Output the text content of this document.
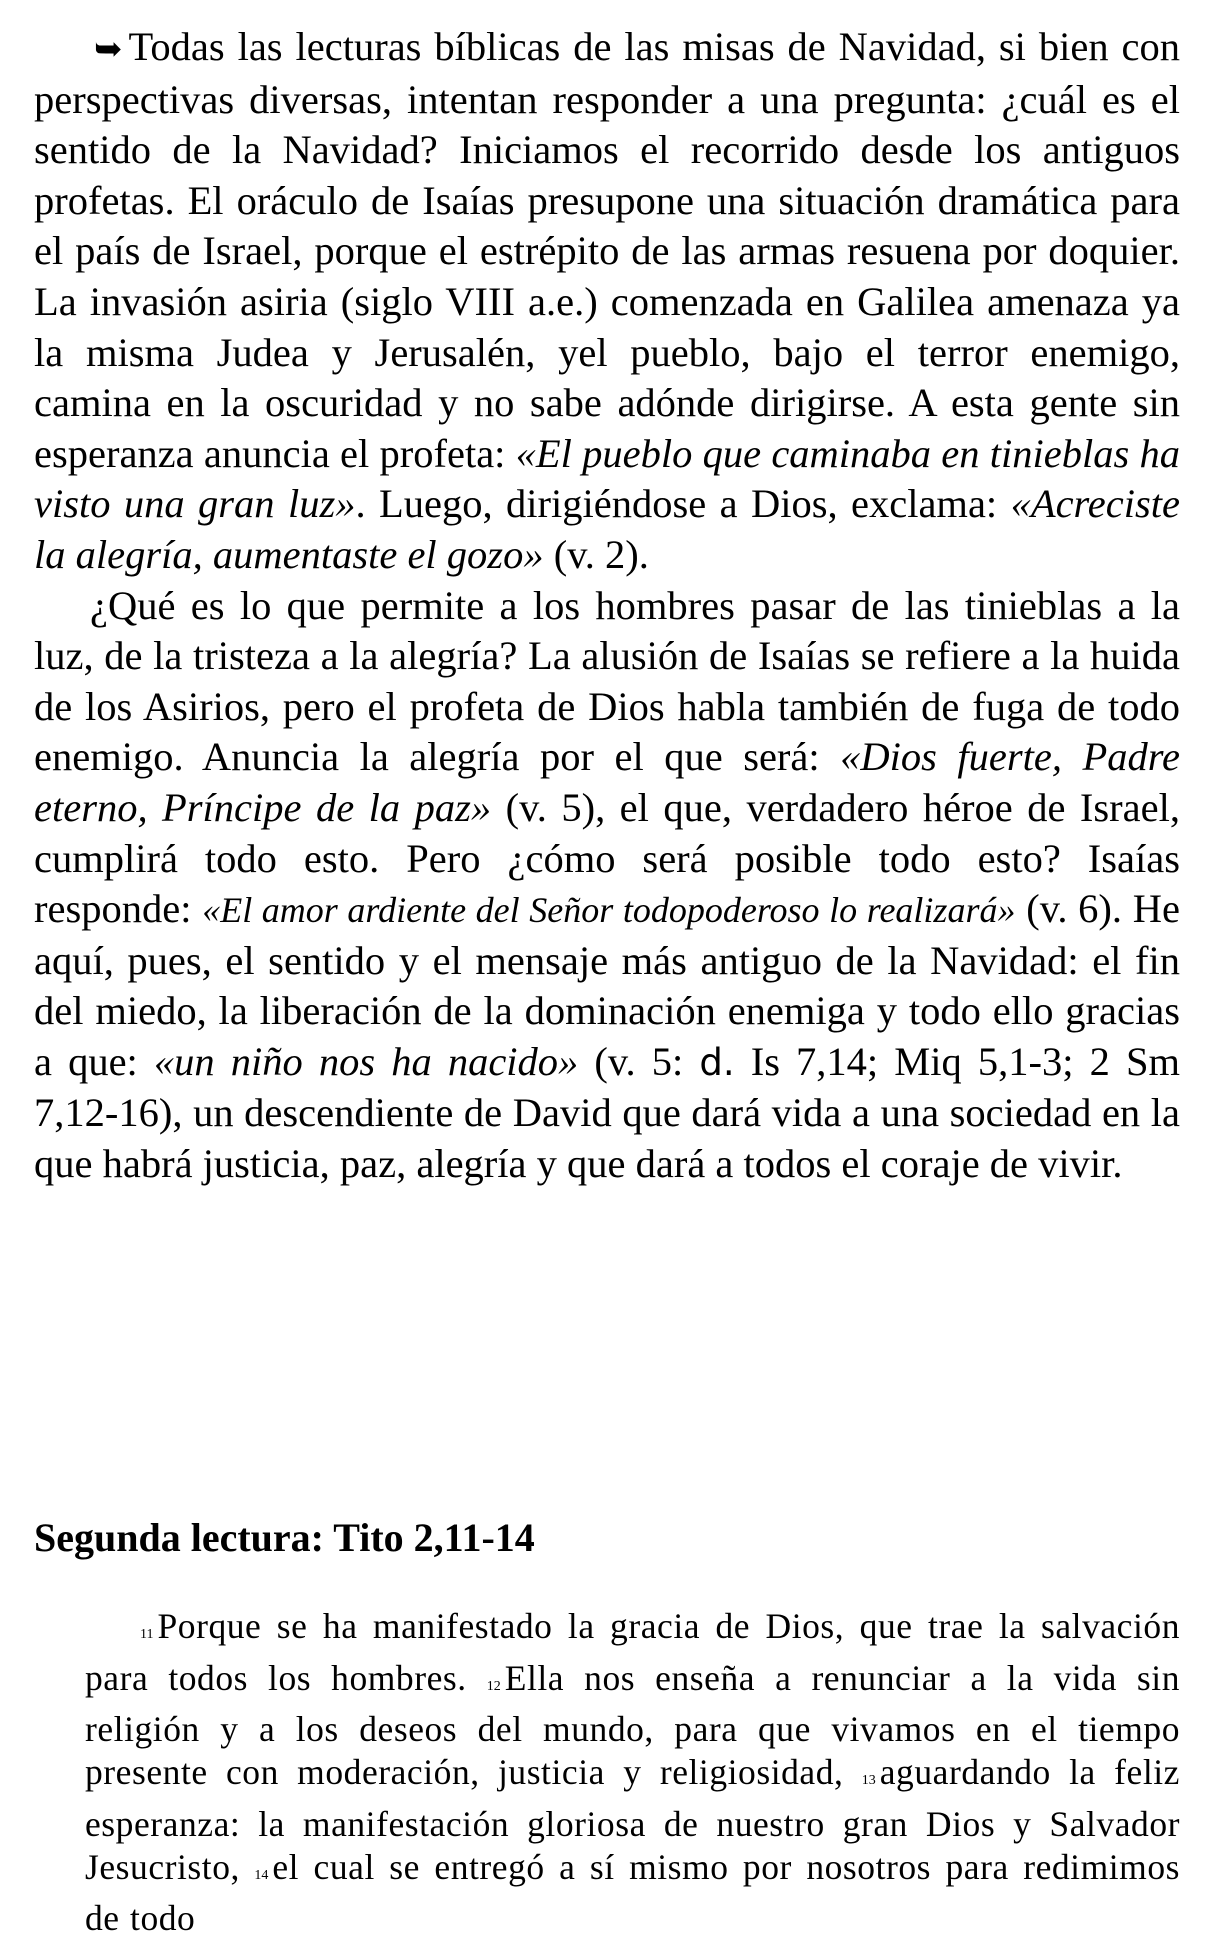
➥ Todas las lecturas bíblicas de las misas de Navidad, si bien con perspectivas diversas, intentan responder a una pregunta: ¿cuál es el sentido de la Navidad? Iniciamos el recorrido desde los antiguos profetas. El oráculo de Isaías presupone una situación dramática para el país de Israel, porque el estrépito de las armas resuena por doquier. La invasión asiria (siglo VIII a.e.) comenzada en Galilea amenaza ya la misma Judea y Jerusalén, yel pueblo, bajo el terror enemigo, camina en la oscuridad y no sabe adónde dirigirse. A esta gente sin esperanza anuncia el profeta: «El pueblo que caminaba en tinieblas ha visto una gran luz». Luego, dirigiéndose a Dios, exclama: «Acreciste la alegría, aumentaste el gozo» (v. 2).

¿Qué es lo que permite a los hombres pasar de las tinieblas a la luz, de la tristeza a la alegría? La alusión de Isaías se refiere a la huida de los Asirios, pero el profeta de Dios habla también de fuga de todo enemigo. Anuncia la alegría por el que será: «Dios fuerte, Padre eterno, Príncipe de la paz» (v. 5), el que, verdadero héroe de Israel, cumplirá todo esto. Pero ¿cómo será posible todo esto? Isaías responde: «El amor ardiente del Señor todopoderoso lo realizará» (v. 6). He aquí, pues, el sentido y el mensaje más antiguo de la Navidad: el fin del miedo, la liberación de la dominación enemiga y todo ello gracias a que: «un niño nos ha nacido» (v. 5: d. Is 7,14; Miq 5,1-3; 2 Sm 7,12-16), un descendiente de David que dará vida a una sociedad en la que habrá justicia, paz, alegría y que dará a todos el coraje de vivir.

Segunda lectura: Tito 2,11-14

11 Porque se ha manifestado la gracia de Dios, que trae la salvación para todos los hombres. 12 Ella nos enseña a renunciar a la vida sin religión y a los deseos del mundo, para que vivamos en el tiempo presente con moderación, justicia y religiosidad, 13 aguardando la feliz esperanza: la manifestación gloriosa de nuestro gran Dios y Salvador Jesucristo, 14 el cual se entregó a sí mismo por nosotros para redimimos de todo
